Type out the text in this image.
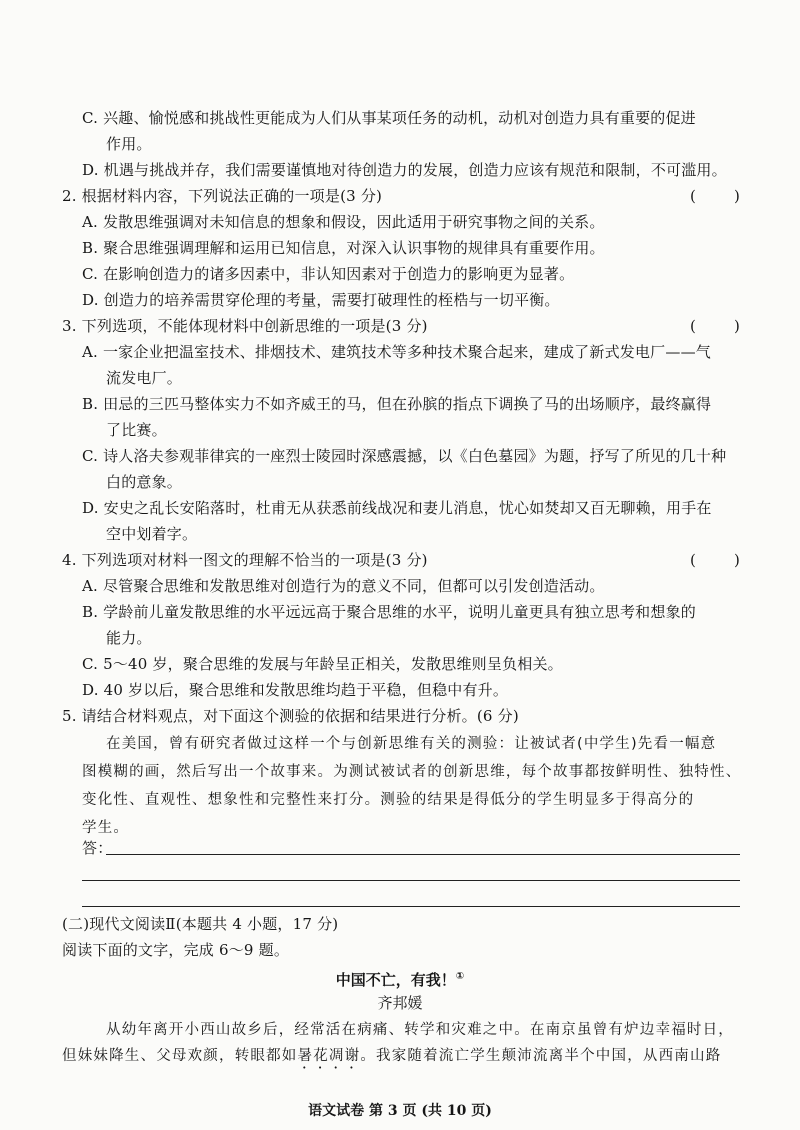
C. 兴趣、愉悦感和挑战性更能成为人们从事某项任务的动机，动机对创造力具有重要的促进
作用。
D. 机遇与挑战并存，我们需要谨慎地对待创造力的发展，创造力应该有规范和限制，不可滥用。
2. 根据材料内容，下列说法正确的一项是(3 分)	(        )
A. 发散思维强调对未知信息的想象和假设，因此适用于研究事物之间的关系。
B. 聚合思维强调理解和运用已知信息，对深入认识事物的规律具有重要作用。
C. 在影响创造力的诸多因素中，非认知因素对于创造力的影响更为显著。
D. 创造力的培养需贯穿伦理的考量，需要打破理性的桎梏与一切平衡。
3. 下列选项，不能体现材料中创新思维的一项是(3 分)	(        )
A. 一家企业把温室技术、排烟技术、建筑技术等多种技术聚合起来，建成了新式发电厂——气
流发电厂。
B. 田忌的三匹马整体实力不如齐威王的马，但在孙膑的指点下调换了马的出场顺序，最终赢得
了比赛。
C. 诗人洛夫参观菲律宾的一座烈士陵园时深感震撼，以《白色墓园》为题，抒写了所见的几十种
白的意象。
D. 安史之乱长安陷落时，杜甫无从获悉前线战况和妻儿消息，忧心如焚却又百无聊赖，用手在
空中划着字。
4. 下列选项对材料一图文的理解不恰当的一项是(3 分)	(        )
A. 尽管聚合思维和发散思维对创造行为的意义不同，但都可以引发创造活动。
B. 学龄前儿童发散思维的水平远远高于聚合思维的水平，说明儿童更具有独立思考和想象的
能力。
C. 5～40 岁，聚合思维的发展与年龄呈正相关，发散思维则呈负相关。
D. 40 岁以后，聚合思维和发散思维均趋于平稳，但稳中有升。
5. 请结合材料观点，对下面这个测验的依据和结果进行分析。(6 分)
在美国，曾有研究者做过这样一个与创新思维有关的测验：让被试者(中学生)先看一幅意
图模糊的画，然后写出一个故事来。为测试被试者的创新思维，每个故事都按鲜明性、独特性、
变化性、直观性、想象性和完整性来打分。测验的结果是得低分的学生明显多于得高分的
学生。
答：
(二)现代文阅读Ⅱ(本题共 4 小题，17 分)
阅读下面的文字，完成 6～9 题。
中国不亡，有我！①
齐邦媛
从幼年离开小西山故乡后，经常活在病痛、转学和灾难之中。在南京虽曾有炉边幸福时日，
但妹妹降生、父母欢颜，转眼都如暑花凋谢。我家随着流亡学生颠沛流离半个中国，从西南山路
语文试卷 第 3 页 (共 10 页)
